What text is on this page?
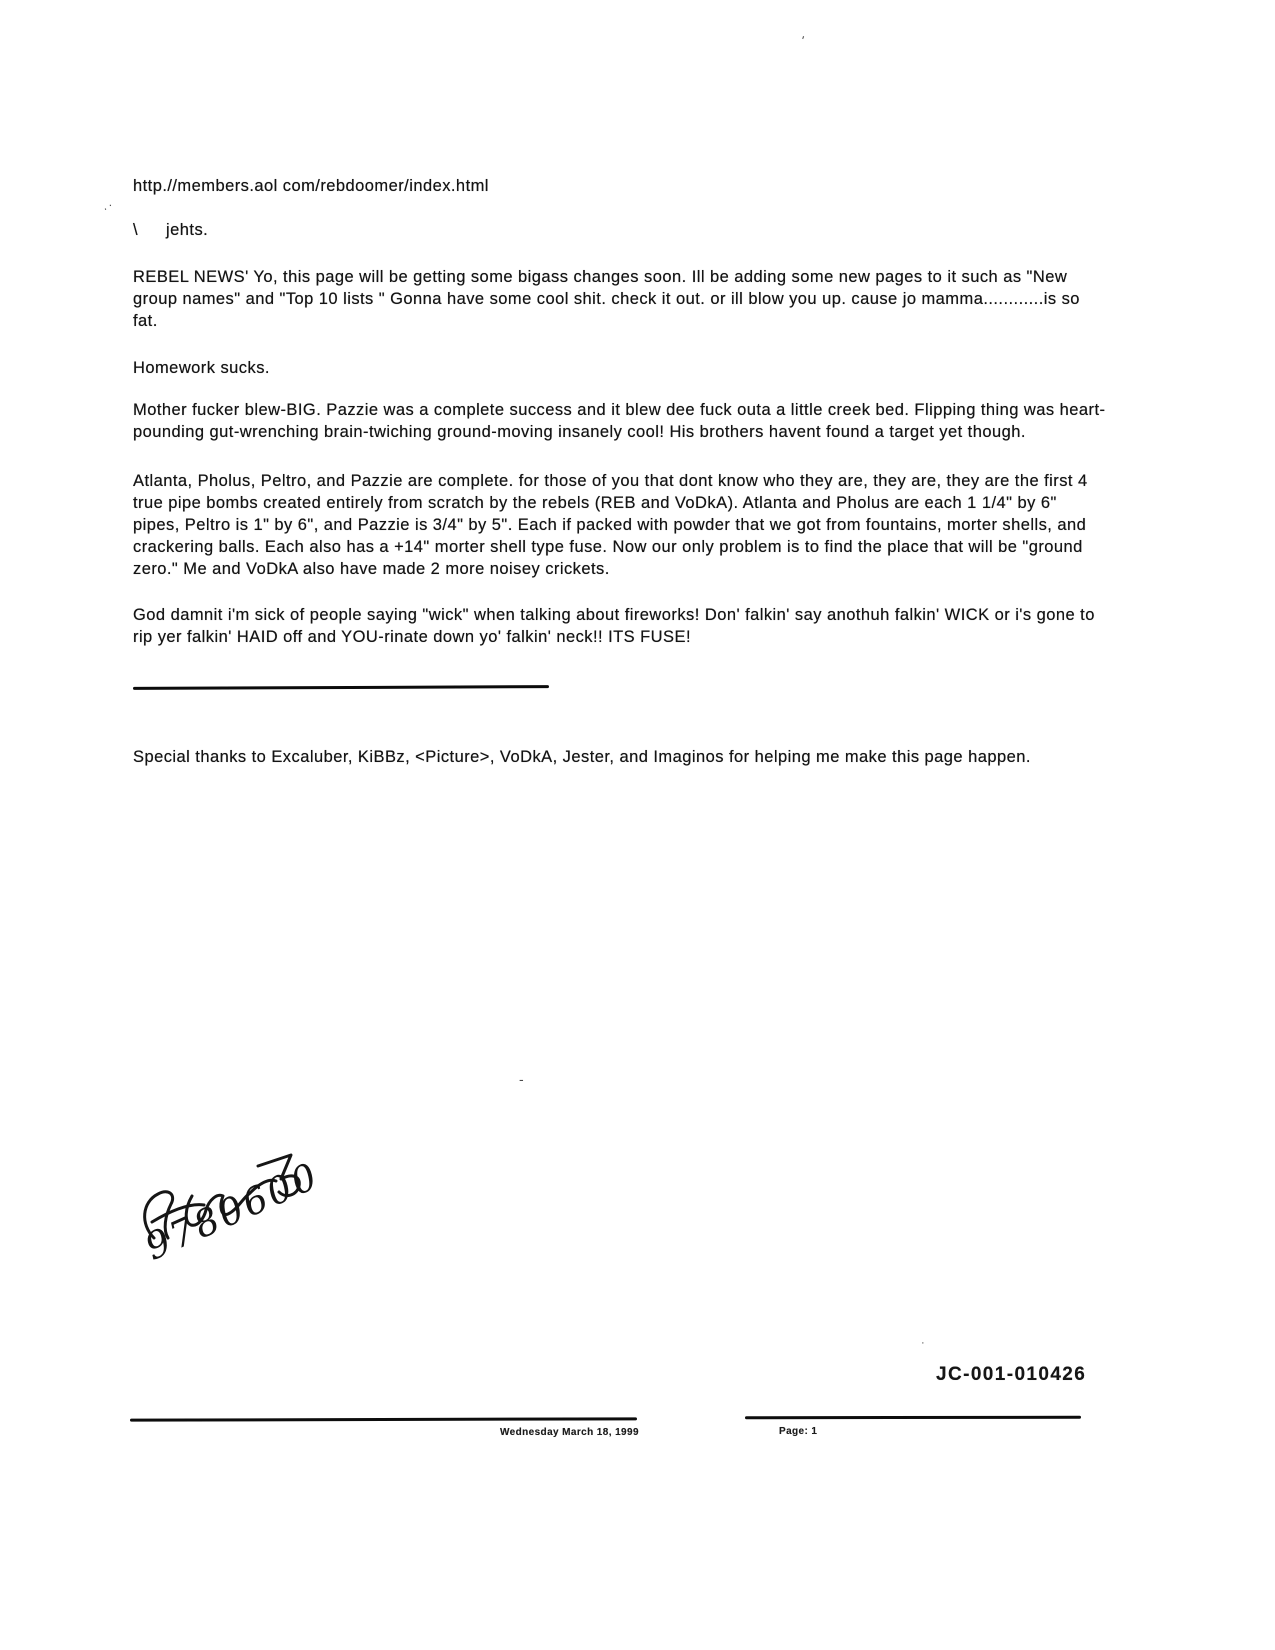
http.//members.aol com/rebdoomer/index.html
\ jehts.
REBEL NEWS' Yo, this page will be getting some bigass changes soon. Ill be adding some new pages to it such as "New
group names" and "Top 10 lists " Gonna have some cool shit. check it out. or ill blow you up. cause jo mamma............is so
fat.
Homework sucks.
Mother fucker blew-BIG. Pazzie was a complete success and it blew dee fuck outa a little creek bed. Flipping thing was heart-
pounding gut-wrenching brain-twiching ground-moving insanely cool! His brothers havent found a target yet though.
Atlanta, Pholus, Peltro, and Pazzie are complete. for those of you that dont know who they are, they are, they are the first 4
true pipe bombs created entirely from scratch by the rebels (REB and VoDkA). Atlanta and Pholus are each 1 1/4" by 6"
pipes, Peltro is 1" by 6", and Pazzie is 3/4" by 5". Each if packed with powder that we got from fountains, morter shells, and
crackering balls. Each also has a +14" morter shell type fuse. Now our only problem is to find the place that will be "ground
zero." Me and VoDkA also have made 2 more noisey crickets.
God damnit i'm sick of people saying "wick" when talking about fireworks! Don' falkin' say anothuh falkin' WICK or i's gone to
rip yer falkin' HAID off and YOU-rinate down yo' falkin' neck!! ITS FUSE!
Special thanks to Excaluber, KiBBz, <Picture>, VoDkA, Jester, and Imaginos for helping me make this page happen.
9780600
JC-001-010426
Wednesday March 18, 1999	Page: 1
'
.·
-
·
